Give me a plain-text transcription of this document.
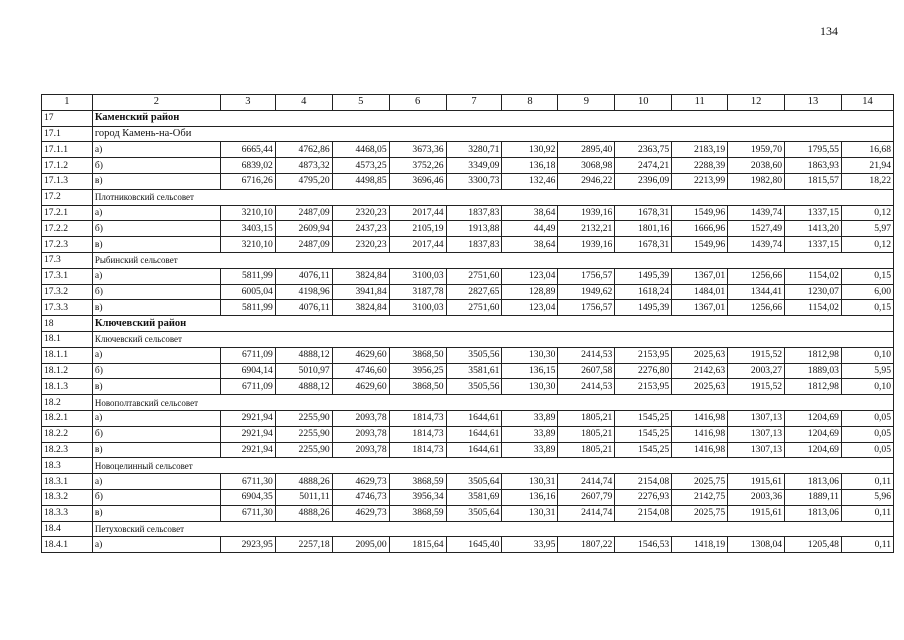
134
1	2	3	4	5	6	7	8	9	10	11	12	13	14
17	Каменский район												
17.1	город Камень-на-Оби												
17.1.1	а)	6665,44	4762,86	4468,05	3673,36	3280,71	130,92	2895,40	2363,75	2183,19	1959,70	1795,55	16,68
17.1.2	б)	6839,02	4873,32	4573,25	3752,26	3349,09	136,18	3068,98	2474,21	2288,39	2038,60	1863,93	21,94
17.1.3	в)	6716,26	4795,20	4498,85	3696,46	3300,73	132,46	2946,22	2396,09	2213,99	1982,80	1815,57	18,22
17.2	Плотниковский сельсовет												
17.2.1	а)	3210,10	2487,09	2320,23	2017,44	1837,83	38,64	1939,16	1678,31	1549,96	1439,74	1337,15	0,12
17.2.2	б)	3403,15	2609,94	2437,23	2105,19	1913,88	44,49	2132,21	1801,16	1666,96	1527,49	1413,20	5,97
17.2.3	в)	3210,10	2487,09	2320,23	2017,44	1837,83	38,64	1939,16	1678,31	1549,96	1439,74	1337,15	0,12
17.3	Рыбинский сельсовет												
17.3.1	а)	5811,99	4076,11	3824,84	3100,03	2751,60	123,04	1756,57	1495,39	1367,01	1256,66	1154,02	0,15
17.3.2	б)	6005,04	4198,96	3941,84	3187,78	2827,65	128,89	1949,62	1618,24	1484,01	1344,41	1230,07	6,00
17.3.3	в)	5811,99	4076,11	3824,84	3100,03	2751,60	123,04	1756,57	1495,39	1367,01	1256,66	1154,02	0,15
18	Ключевский район												
18.1	Ключевский сельсовет												
18.1.1	а)	6711,09	4888,12	4629,60	3868,50	3505,56	130,30	2414,53	2153,95	2025,63	1915,52	1812,98	0,10
18.1.2	б)	6904,14	5010,97	4746,60	3956,25	3581,61	136,15	2607,58	2276,80	2142,63	2003,27	1889,03	5,95
18.1.3	в)	6711,09	4888,12	4629,60	3868,50	3505,56	130,30	2414,53	2153,95	2025,63	1915,52	1812,98	0,10
18.2	Новополтавский сельсовет												
18.2.1	а)	2921,94	2255,90	2093,78	1814,73	1644,61	33,89	1805,21	1545,25	1416,98	1307,13	1204,69	0,05
18.2.2	б)	2921,94	2255,90	2093,78	1814,73	1644,61	33,89	1805,21	1545,25	1416,98	1307,13	1204,69	0,05
18.2.3	в)	2921,94	2255,90	2093,78	1814,73	1644,61	33,89	1805,21	1545,25	1416,98	1307,13	1204,69	0,05
18.3	Новоцелинный сельсовет												
18.3.1	а)	6711,30	4888,26	4629,73	3868,59	3505,64	130,31	2414,74	2154,08	2025,75	1915,61	1813,06	0,11
18.3.2	б)	6904,35	5011,11	4746,73	3956,34	3581,69	136,16	2607,79	2276,93	2142,75	2003,36	1889,11	5,96
18.3.3	в)	6711,30	4888,26	4629,73	3868,59	3505,64	130,31	2414,74	2154,08	2025,75	1915,61	1813,06	0,11
18.4	Петуховский сельсовет												
18.4.1	а)	2923,95	2257,18	2095,00	1815,64	1645,40	33,95	1807,22	1546,53	1418,19	1308,04	1205,48	0,11
